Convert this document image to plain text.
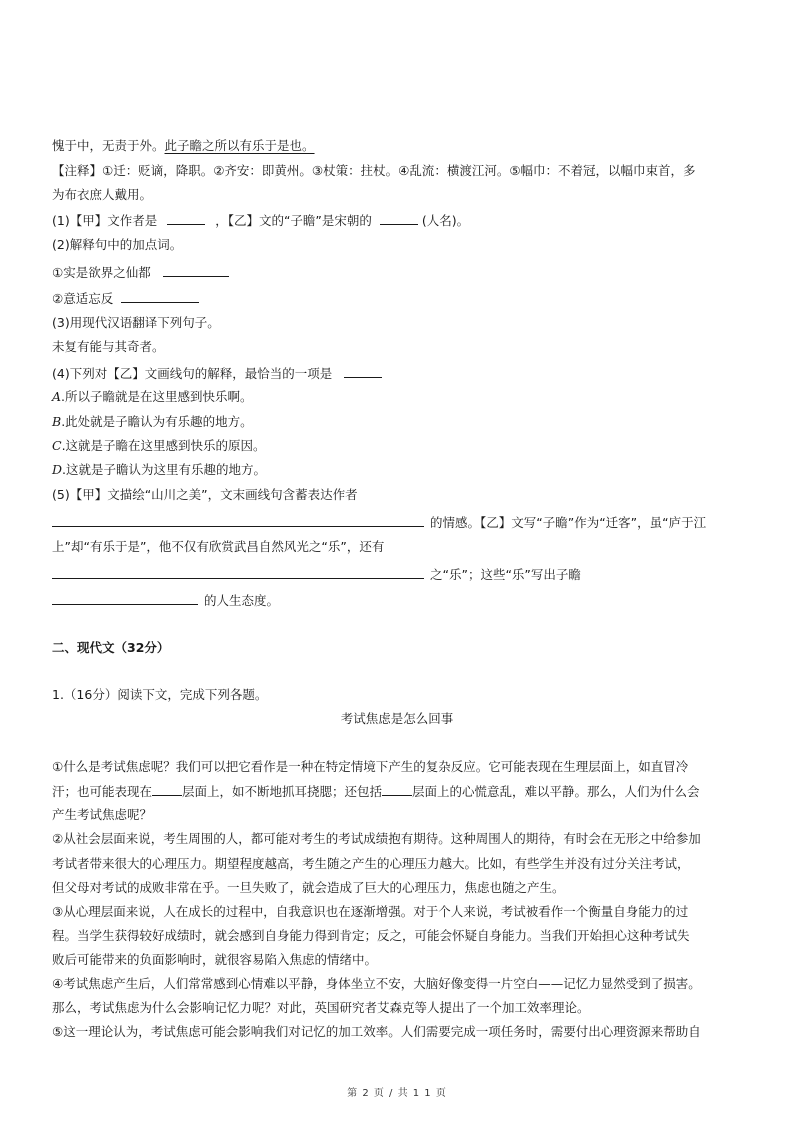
愧于中，无责于外。此子瞻之所以有乐于是也。
【注释】①迁：贬谪，降职。②齐安：即黄州。③杖策：拄杖。④乱流：横渡江河。⑤幅巾：不着冠，以幅巾束首，多
为布衣庶人戴用。
(1)【甲】文作者是	，【乙】文的“子瞻”是宋朝的	(人名)。
(2)解释句中的加点词。
①实是欲界之仙都
②意适忘反
(3)用现代汉语翻译下列句子。
未复有能与其奇者。
(4)下列对【乙】文画线句的解释，最恰当的一项是
A.所以子瞻就是在这里感到快乐啊。
B.此处就是子瞻认为有乐趣的地方。
C.这就是子瞻在这里感到快乐的原因。
D.这就是子瞻认为这里有乐趣的地方。
(5)【甲】文描绘“山川之美”，文末画线句含蓄表达作者
的情感。【乙】文写“子瞻”作为“迁客”，虽“庐于江
上”却“有乐于是”，他不仅有欣赏武昌自然风光之“乐”，还有
之“乐”；这些“乐”写出子瞻
的人生态度。
二、现代文（32分）
1.（16分）阅读下文，完成下列各题。
考试焦虑是怎么回事
①什么是考试焦虑呢？我们可以把它看作是一种在特定情境下产生的复杂反应。它可能表现在生理层面上，如直冒冷
汗；也可能表现在 层面上，如不断地抓耳挠腮；还包括 层面上的心慌意乱，难以平静。那么，人们为什么会
产生考试焦虑呢？
②从社会层面来说，考生周围的人，都可能对考生的考试成绩抱有期待。这种周围人的期待，有时会在无形之中给参加
考试者带来很大的心理压力。期望程度越高，考生随之产生的心理压力越大。比如，有些学生并没有过分关注考试，
但父母对考试的成败非常在乎。一旦失败了，就会造成了巨大的心理压力，焦虑也随之产生。
③从心理层面来说，人在成长的过程中，自我意识也在逐渐增强。对于个人来说，考试被看作一个衡量自身能力的过
程。当学生获得较好成绩时，就会感到自身能力得到肯定；反之，可能会怀疑自身能力。当我们开始担心这种考试失
败后可能带来的负面影响时，就很容易陷入焦虑的情绪中。
④考试焦虑产生后，人们常常感到心情难以平静，身体坐立不安，大脑好像变得一片空白——记忆力显然受到了损害。
那么，考试焦虑为什么会影响记忆力呢？对此，英国研究者艾森克等人提出了一个加工效率理论。
⑤这一理论认为，考试焦虑可能会影响我们对记忆的加工效率。人们需要完成一项任务时，需要付出心理资源来帮助自
第 2 页 / 共 1 1 页
